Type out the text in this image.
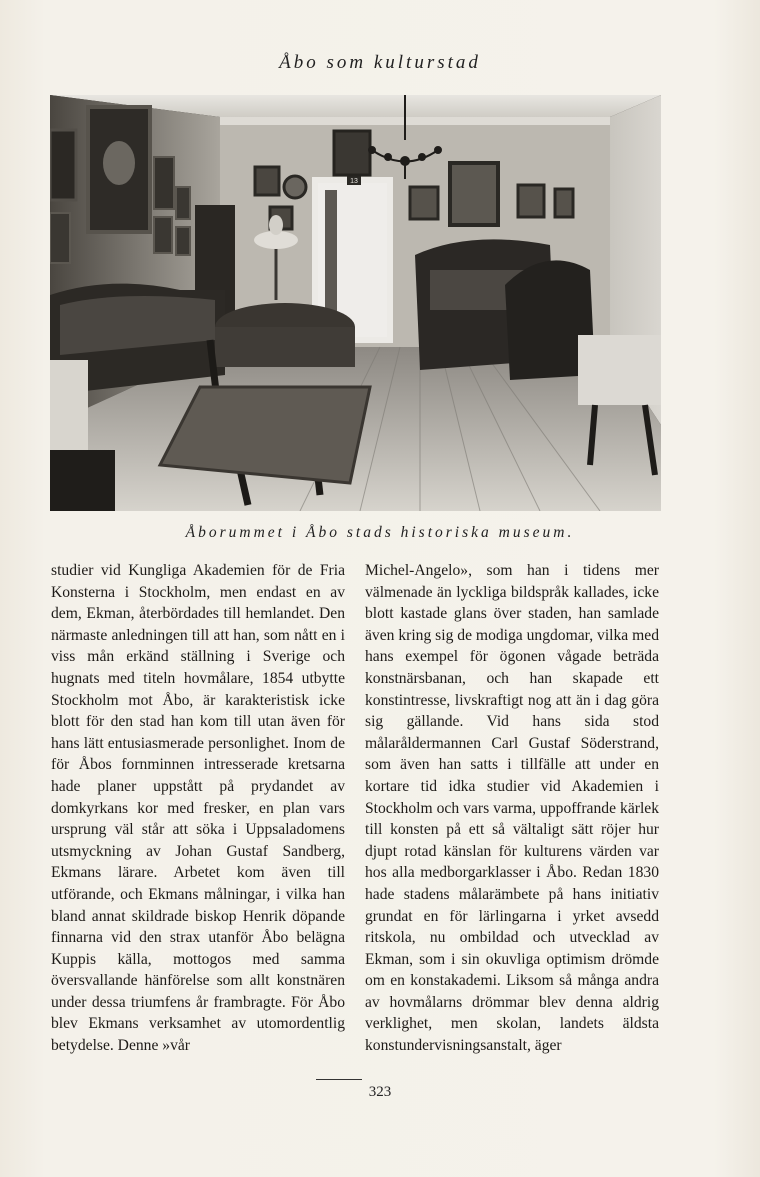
Åbo som kulturstad
13
Åborummet i Åbo stads historiska museum.

studier vid Kungliga Akademien för de Fria Konsterna i Stockholm, men endast en av dem, Ekman, återbördades till hemlandet. Den närmaste anledningen till att han, som nått en i viss mån erkänd ställning i Sverige och hugnats med titeln hovmålare, 1854 utbytte Stockholm mot Åbo, är karakteristisk icke blott för den stad han kom till utan även för hans lätt entusiasmerade personlighet. Inom de för Åbos fornminnen intresserade kretsarna hade planer uppstått på prydandet av domkyrkans kor med fresker, en plan vars ursprung väl står att söka i Uppsaladomens utsmyckning av Johan Gustaf Sandberg, Ekmans lärare. Arbetet kom även till utförande, och Ekmans målningar, i vilka han bland annat skildrade biskop Henrik döpande finnarna vid den strax utanför Åbo belägna Kuppis källa, mottogos med samma översvallande hänförelse som allt konstnären under dessa triumfens år frambragte. För Åbo blev Ekmans verksamhet av utomordentlig betydelse. Denne »vår

Michel-Angelo», som han i tidens mer välmenade än lyckliga bildspråk kallades, icke blott kastade glans över staden, han samlade även kring sig de modiga ungdomar, vilka med hans exempel för ögonen vågade beträda konstnärsbanan, och han skapade ett konstintresse, livskraftigt nog att än i dag göra sig gällande. Vid hans sida stod målaråldermannen Carl Gustaf Söderstrand, som även han satts i tillfälle att under en kortare tid idka studier vid Akademien i Stockholm och vars varma, uppoffrande kärlek till konsten på ett så vältaligt sätt röjer hur djupt rotad känslan för kulturens värden var hos alla medborgarklasser i Åbo. Redan 1830 hade stadens målarämbete på hans initiativ grundat en för lärlingarna i yrket avsedd ritskola, nu ombildad och utvecklad av Ekman, som i sin okuvliga optimism drömde om en konstakademi. Liksom så många andra av hovmålarns drömmar blev denna aldrig verklighet, men skolan, landets äldsta konstundervisningsanstalt, äger

323
